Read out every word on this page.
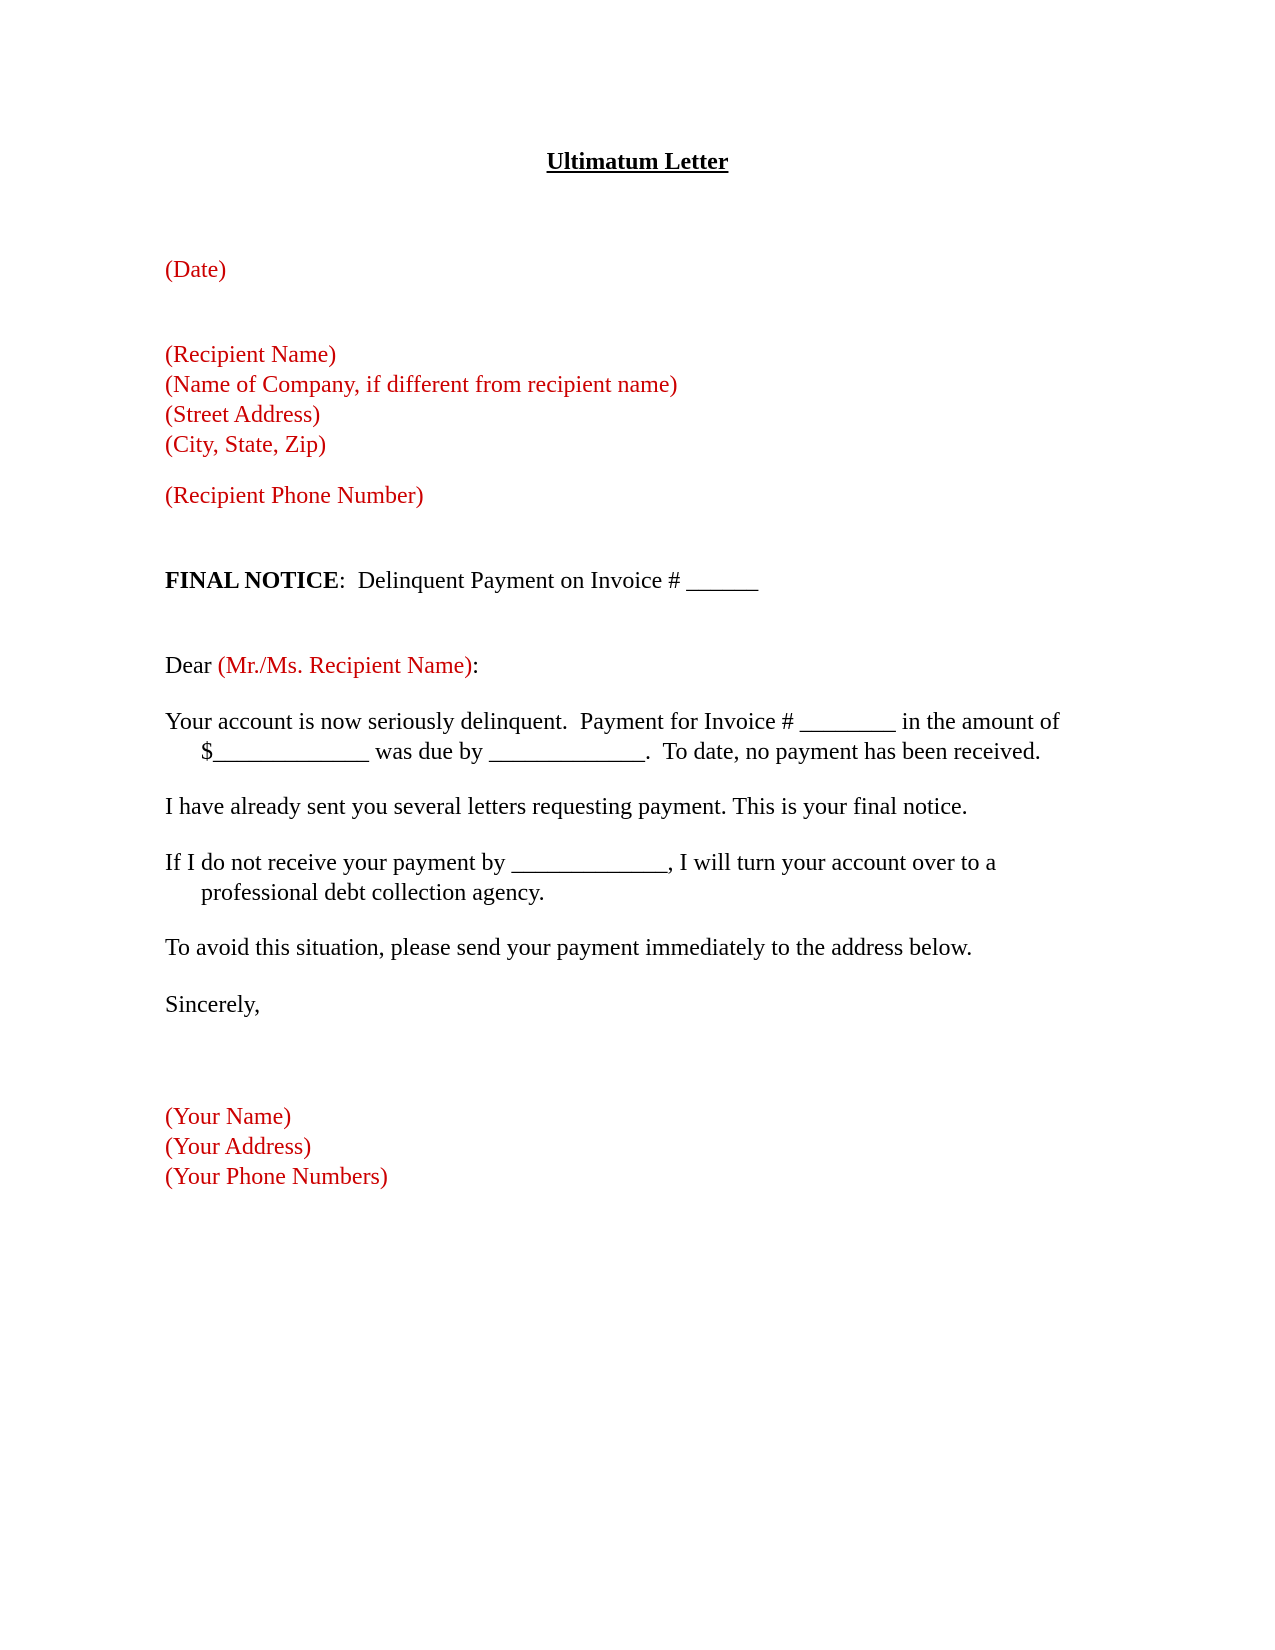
Ultimatum Letter
(Date)
(Recipient Name)
(Name of Company, if different from recipient name)
(Street Address)
(City, State, Zip)
(Recipient Phone Number)
FINAL NOTICE:  Delinquent Payment on Invoice # ______
Dear (Mr./Ms. Recipient Name):
Your account is now seriously delinquent.  Payment for Invoice # ________ in the amount of
$_____________ was due by _____________.  To date, no payment has been received.
I have already sent you several letters requesting payment. This is your final notice.
If I do not receive your payment by _____________, I will turn your account over to a
professional debt collection agency.
To avoid this situation, please send your payment immediately to the address below.
Sincerely,
(Your Name)
(Your Address)
(Your Phone Numbers)
